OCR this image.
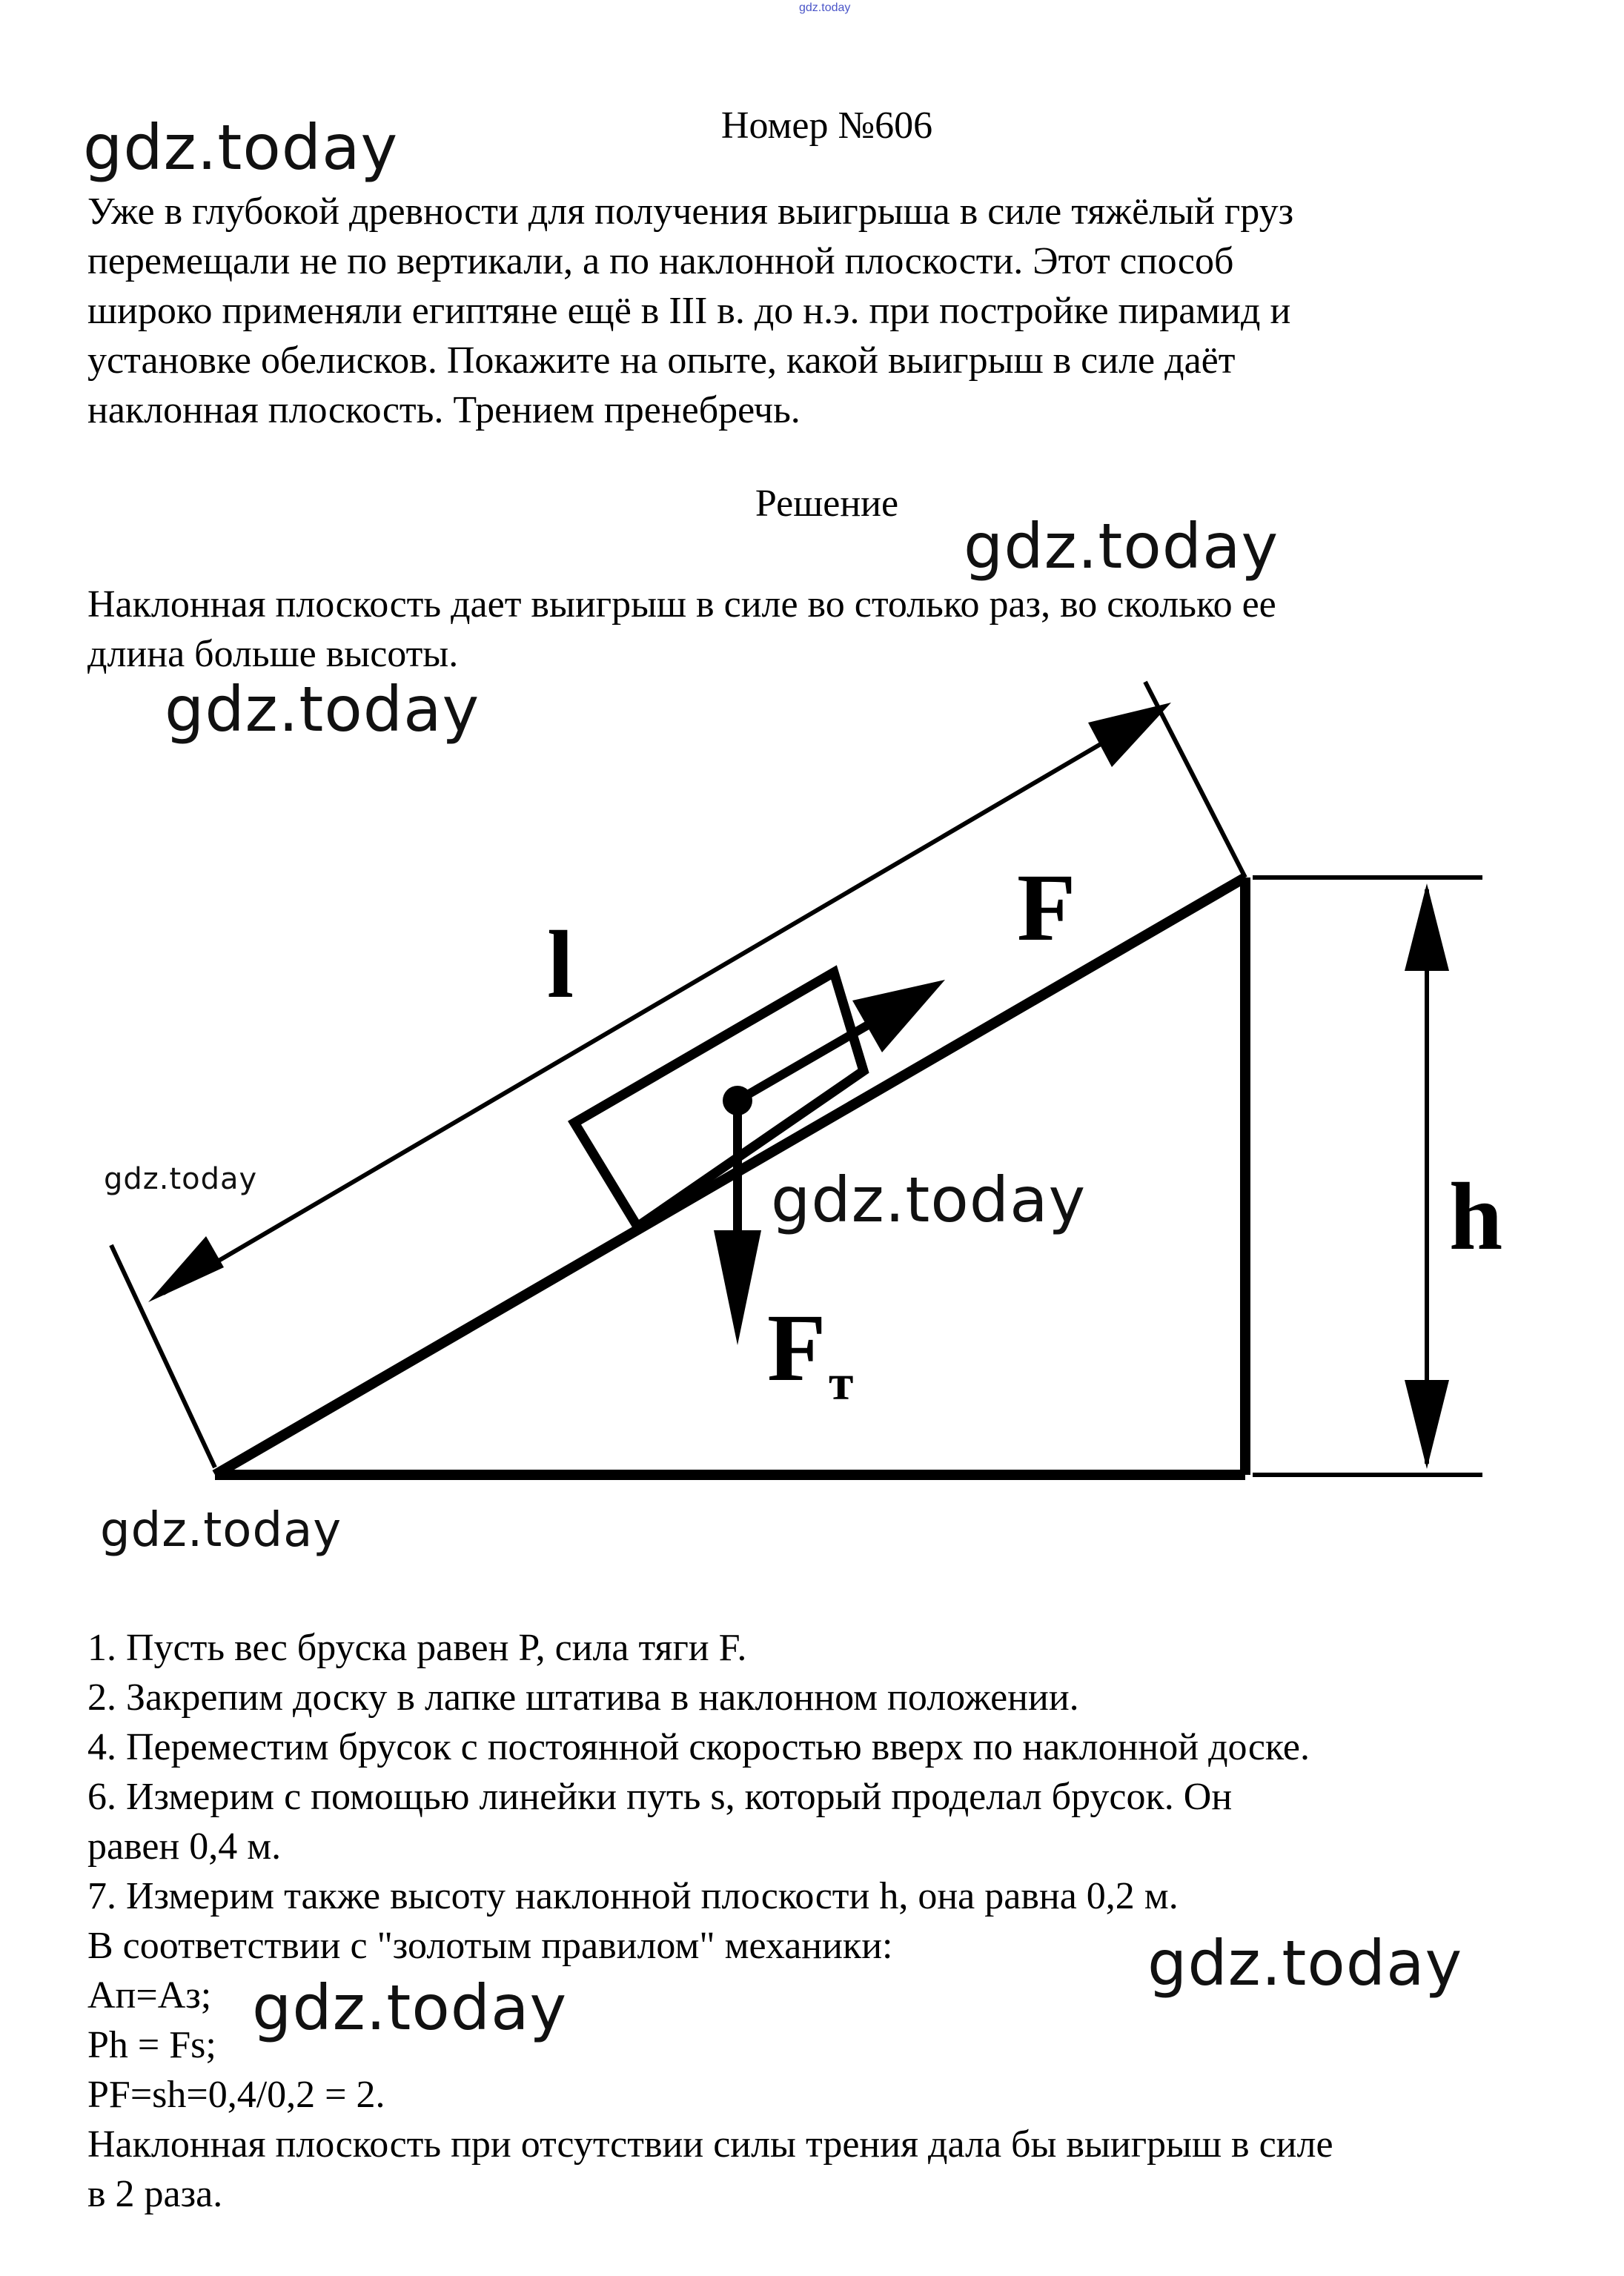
gdz.today
Номер №606
Уже в глубокой древности для получения выигрыша в силе тяжёлый груз
перемещали не по вертикали, а по наклонной плоскости. Этот способ
широко применяли египтяне ещё в III в. до н.э. при постройке пирамид и
установке обелисков. Покажите на опыте, какой выигрыш в силе даёт
наклонная плоскость. Трением пренебречь.
Решение
Наклонная плоскость дает выигрыш в силе во столько раз, во сколько ее
длина больше высоты.
l
F
F т
h
1. Пусть вес бруска равен P, сила тяги F.
2. Закрепим доску в лапке штатива в наклонном положении.
4. Переместим брусок с постоянной скоростью вверх по наклонной доске.
6. Измерим с помощью линейки путь s, который проделал брусок. Он
равен 0,4 м.
7. Измерим также высоту наклонной плоскости h, она равна 0,2 м.
В соответствии с "золотым правилом" механики:
Aп=Aз;
Ph = Fs;
PF=sh=0,4/0,2 = 2.
Наклонная плоскость при отсутствии силы трения дала бы выигрыш в силе
в 2 раза.
gdz.today
gdz.today
gdz.today
gdz.today	gdz.today
gdz.today
gdz.today
gdz.today
